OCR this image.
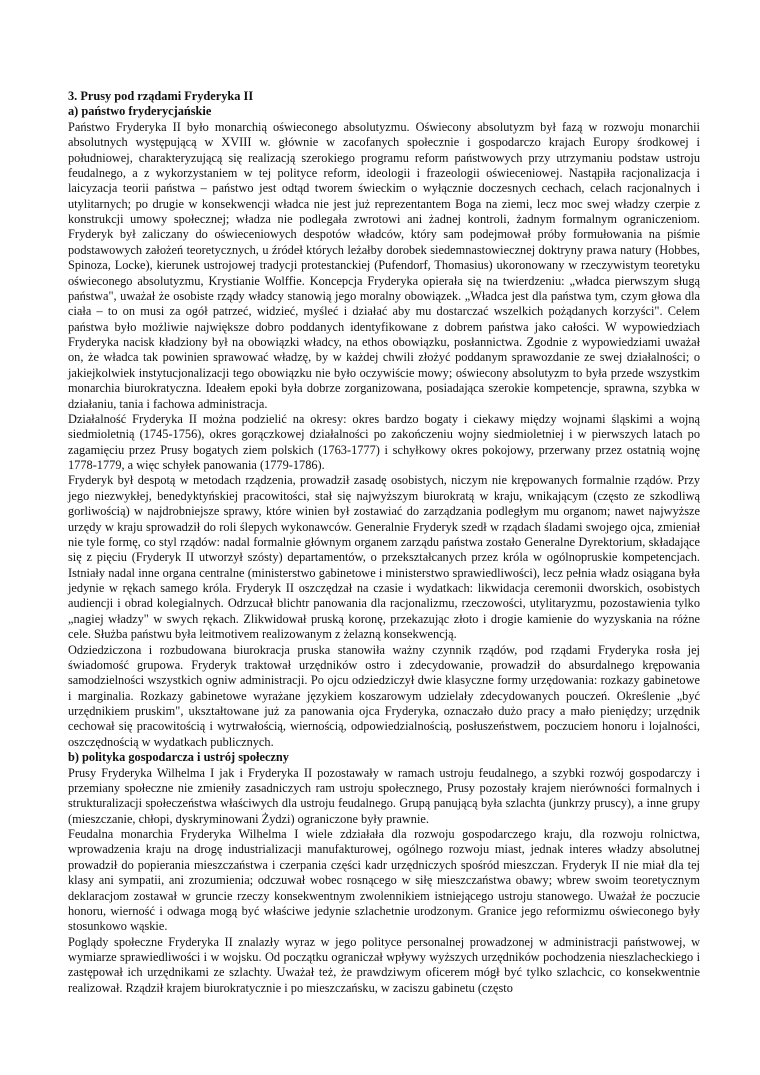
3. Prusy pod rządami Fryderyka II
a) państwo fryderycjańskie

Państwo Fryderyka II było monarchią oświeconego absolutyzmu. Oświecony absolutyzm był fazą w rozwoju monarchii absolutnych występującą w XVIII w. głównie w zacofanych społecznie i gospodarczo krajach Europy środkowej i południowej, charakteryzującą się realizacją szerokiego programu reform państwowych przy utrzymaniu podstaw ustroju feudalnego, a z wykorzystaniem w tej polityce reform, ideologii i frazeologii oświeceniowej. Nastąpiła racjonalizacja i laicyzacja teorii państwa – państwo jest odtąd tworem świeckim o wyłącznie doczesnych cechach, celach racjonalnych i utylitarnych; po drugie w konsekwencji władca nie jest już reprezentantem Boga na ziemi, lecz moc swej władzy czerpie z konstrukcji umowy społecznej; władza nie podlegała zwrotowi ani żadnej kontroli, żadnym formalnym ograniczeniom. Fryderyk był zaliczany do oświeceniowych despotów władców, który sam podejmował próby formułowania na piśmie podstawowych założeń teoretycznych, u źródeł których leżałby dorobek siedemnastowiecznej doktryny prawa natury (Hobbes, Spinoza, Locke), kierunek ustrojowej tradycji protestanckiej (Pufendorf, Thomasius) ukoronowany w rzeczywistym teoretyku oświeconego absolutyzmu, Krystianie Wolffie. Koncepcja Fryderyka opierała się na twierdzeniu: „władca pierwszym sługą państwa", uważał że osobiste rządy władcy stanowią jego moralny obowiązek. „Władca jest dla państwa tym, czym głowa dla ciała – to on musi za ogół patrzeć, widzieć, myśleć i działać aby mu dostarczać wszelkich pożądanych korzyści". Celem państwa było możliwie największe dobro poddanych identyfikowane z dobrem państwa jako całości. W wypowiedziach Fryderyka nacisk kładziony był na obowiązki władcy, na ethos obowiązku, posłannictwa. Zgodnie z wypowiedziami uważał on, że władca tak powinien sprawować władzę, by w każdej chwili złożyć poddanym sprawozdanie ze swej działalności; o jakiejkolwiek instytucjonalizacji tego obowiązku nie było oczywiście mowy; oświecony absolutyzm to była przede wszystkim monarchia biurokratyczna. Ideałem epoki była dobrze zorganizowana, posiadająca szerokie kompetencje, sprawna, szybka w działaniu, tania i fachowa administracja.

Działalność Fryderyka II można podzielić na okresy: okres bardzo bogaty i ciekawy między wojnami śląskimi a wojną siedmioletnią (1745-1756), okres gorączkowej działalności po zakończeniu wojny siedmioletniej i w pierwszych latach po zagamięciu przez Prusy bogatych ziem polskich (1763-1777) i schyłkowy okres pokojowy, przerwany przez ostatnią wojnę 1778-1779, a więc schyłek panowania (1779-1786).

Fryderyk był despotą w metodach rządzenia, prowadził zasadę osobistych, niczym nie krępowanych formalnie rządów. Przy jego niezwykłej, benedyktyńskiej pracowitości, stał się najwyższym biurokratą w kraju, wnikającym (często ze szkodliwą gorliwością) w najdrobniejsze sprawy, które winien był zostawiać do zarządzania podległym mu organom; nawet najwyższe urzędy w kraju sprowadził do roli ślepych wykonawców. Generalnie Fryderyk szedł w rządach śladami swojego ojca, zmieniał nie tyle formę, co styl rządów: nadal formalnie głównym organem zarządu państwa zostało Generalne Dyrektorium, składające się z pięciu (Fryderyk II utworzył szósty) departamentów, o przekształcanych przez króla w ogólnopruskie kompetencjach. Istniały nadal inne organa centralne (ministerstwo gabinetowe i ministerstwo sprawiedliwości), lecz pełnia władz osiągana była jedynie w rękach samego króla. Fryderyk II oszczędzał na czasie i wydatkach: likwidacja ceremonii dworskich, osobistych audiencji i obrad kolegialnych. Odrzucał blichtr panowania dla racjonalizmu, rzeczowości, utylitaryzmu, pozostawienia tylko „nagiej władzy" w swych rękach. Zlikwidował pruską koronę, przekazując złoto i drogie kamienie do wyzyskania na różne cele. Służba państwu była leitmotivem realizowanym z żelazną konsekwencją.

Odziedziczona i rozbudowana biurokracja pruska stanowiła ważny czynnik rządów, pod rządami Fryderyka rosła jej świadomość grupowa. Fryderyk traktował urzędników ostro i zdecydowanie, prowadził do absurdalnego krępowania samodzielności wszystkich ogniw administracji. Po ojcu odziedziczył dwie klasyczne formy urzędowania: rozkazy gabinetowe i marginalia. Rozkazy gabinetowe wyrażane językiem koszarowym udzielały zdecydowanych pouczeń. Określenie „być urzędnikiem pruskim", ukształtowane już za panowania ojca Fryderyka, oznaczało dużo pracy a mało pieniędzy; urzędnik cechował się pracowitością i wytrwałością, wiernością, odpowiedzialnością, posłuszeństwem, poczuciem honoru i lojalności, oszczędnością w wydatkach publicznych.

b) polityka gospodarcza i ustrój społeczny

Prusy Fryderyka Wilhelma I jak i Fryderyka II pozostawały w ramach ustroju feudalnego, a szybki rozwój gospodarczy i przemiany społeczne nie zmieniły zasadniczych ram ustroju społecznego, Prusy pozostały krajem nierówności formalnych i strukturalizacji społeczeństwa właściwych dla ustroju feudalnego. Grupą panującą była szlachta (junkrzy pruscy), a inne grupy (mieszczanie, chłopi, dyskryminowani Żydzi) ograniczone były prawnie.

Feudalna monarchia Fryderyka Wilhelma I wiele zdziałała dla rozwoju gospodarczego kraju, dla rozwoju rolnictwa, wprowadzenia kraju na drogę industrializacji manufakturowej, ogólnego rozwoju miast, jednak interes władzy absolutnej prowadził do popierania mieszczaństwa i czerpania części kadr urzędniczych spośród mieszczan. Fryderyk II nie miał dla tej klasy ani sympatii, ani zrozumienia; odczuwał wobec rosnącego w siłę mieszczaństwa obawy; wbrew swoim teoretycznym deklaracjom zostawał w gruncie rzeczy konsekwentnym zwolennikiem istniejącego ustroju stanowego. Uważał że poczucie honoru, wierność i odwaga mogą być właściwe jedynie szlachetnie urodzonym. Granice jego reformizmu oświeconego były stosunkowo wąskie.

Poglądy społeczne Fryderyka II znalazły wyraz w jego polityce personalnej prowadzonej w administracji państwowej, w wymiarze sprawiedliwości i w wojsku. Od początku ograniczał wpływy wyższych urzędników pochodzenia nieszlacheckiego i zastępował ich urzędnikami ze szlachty. Uważał też, że prawdziwym oficerem mógł być tylko szlachcic, co konsekwentnie realizował. Rządził krajem biurokratycznie i po mieszczańsku, w zaciszu gabinetu (często
